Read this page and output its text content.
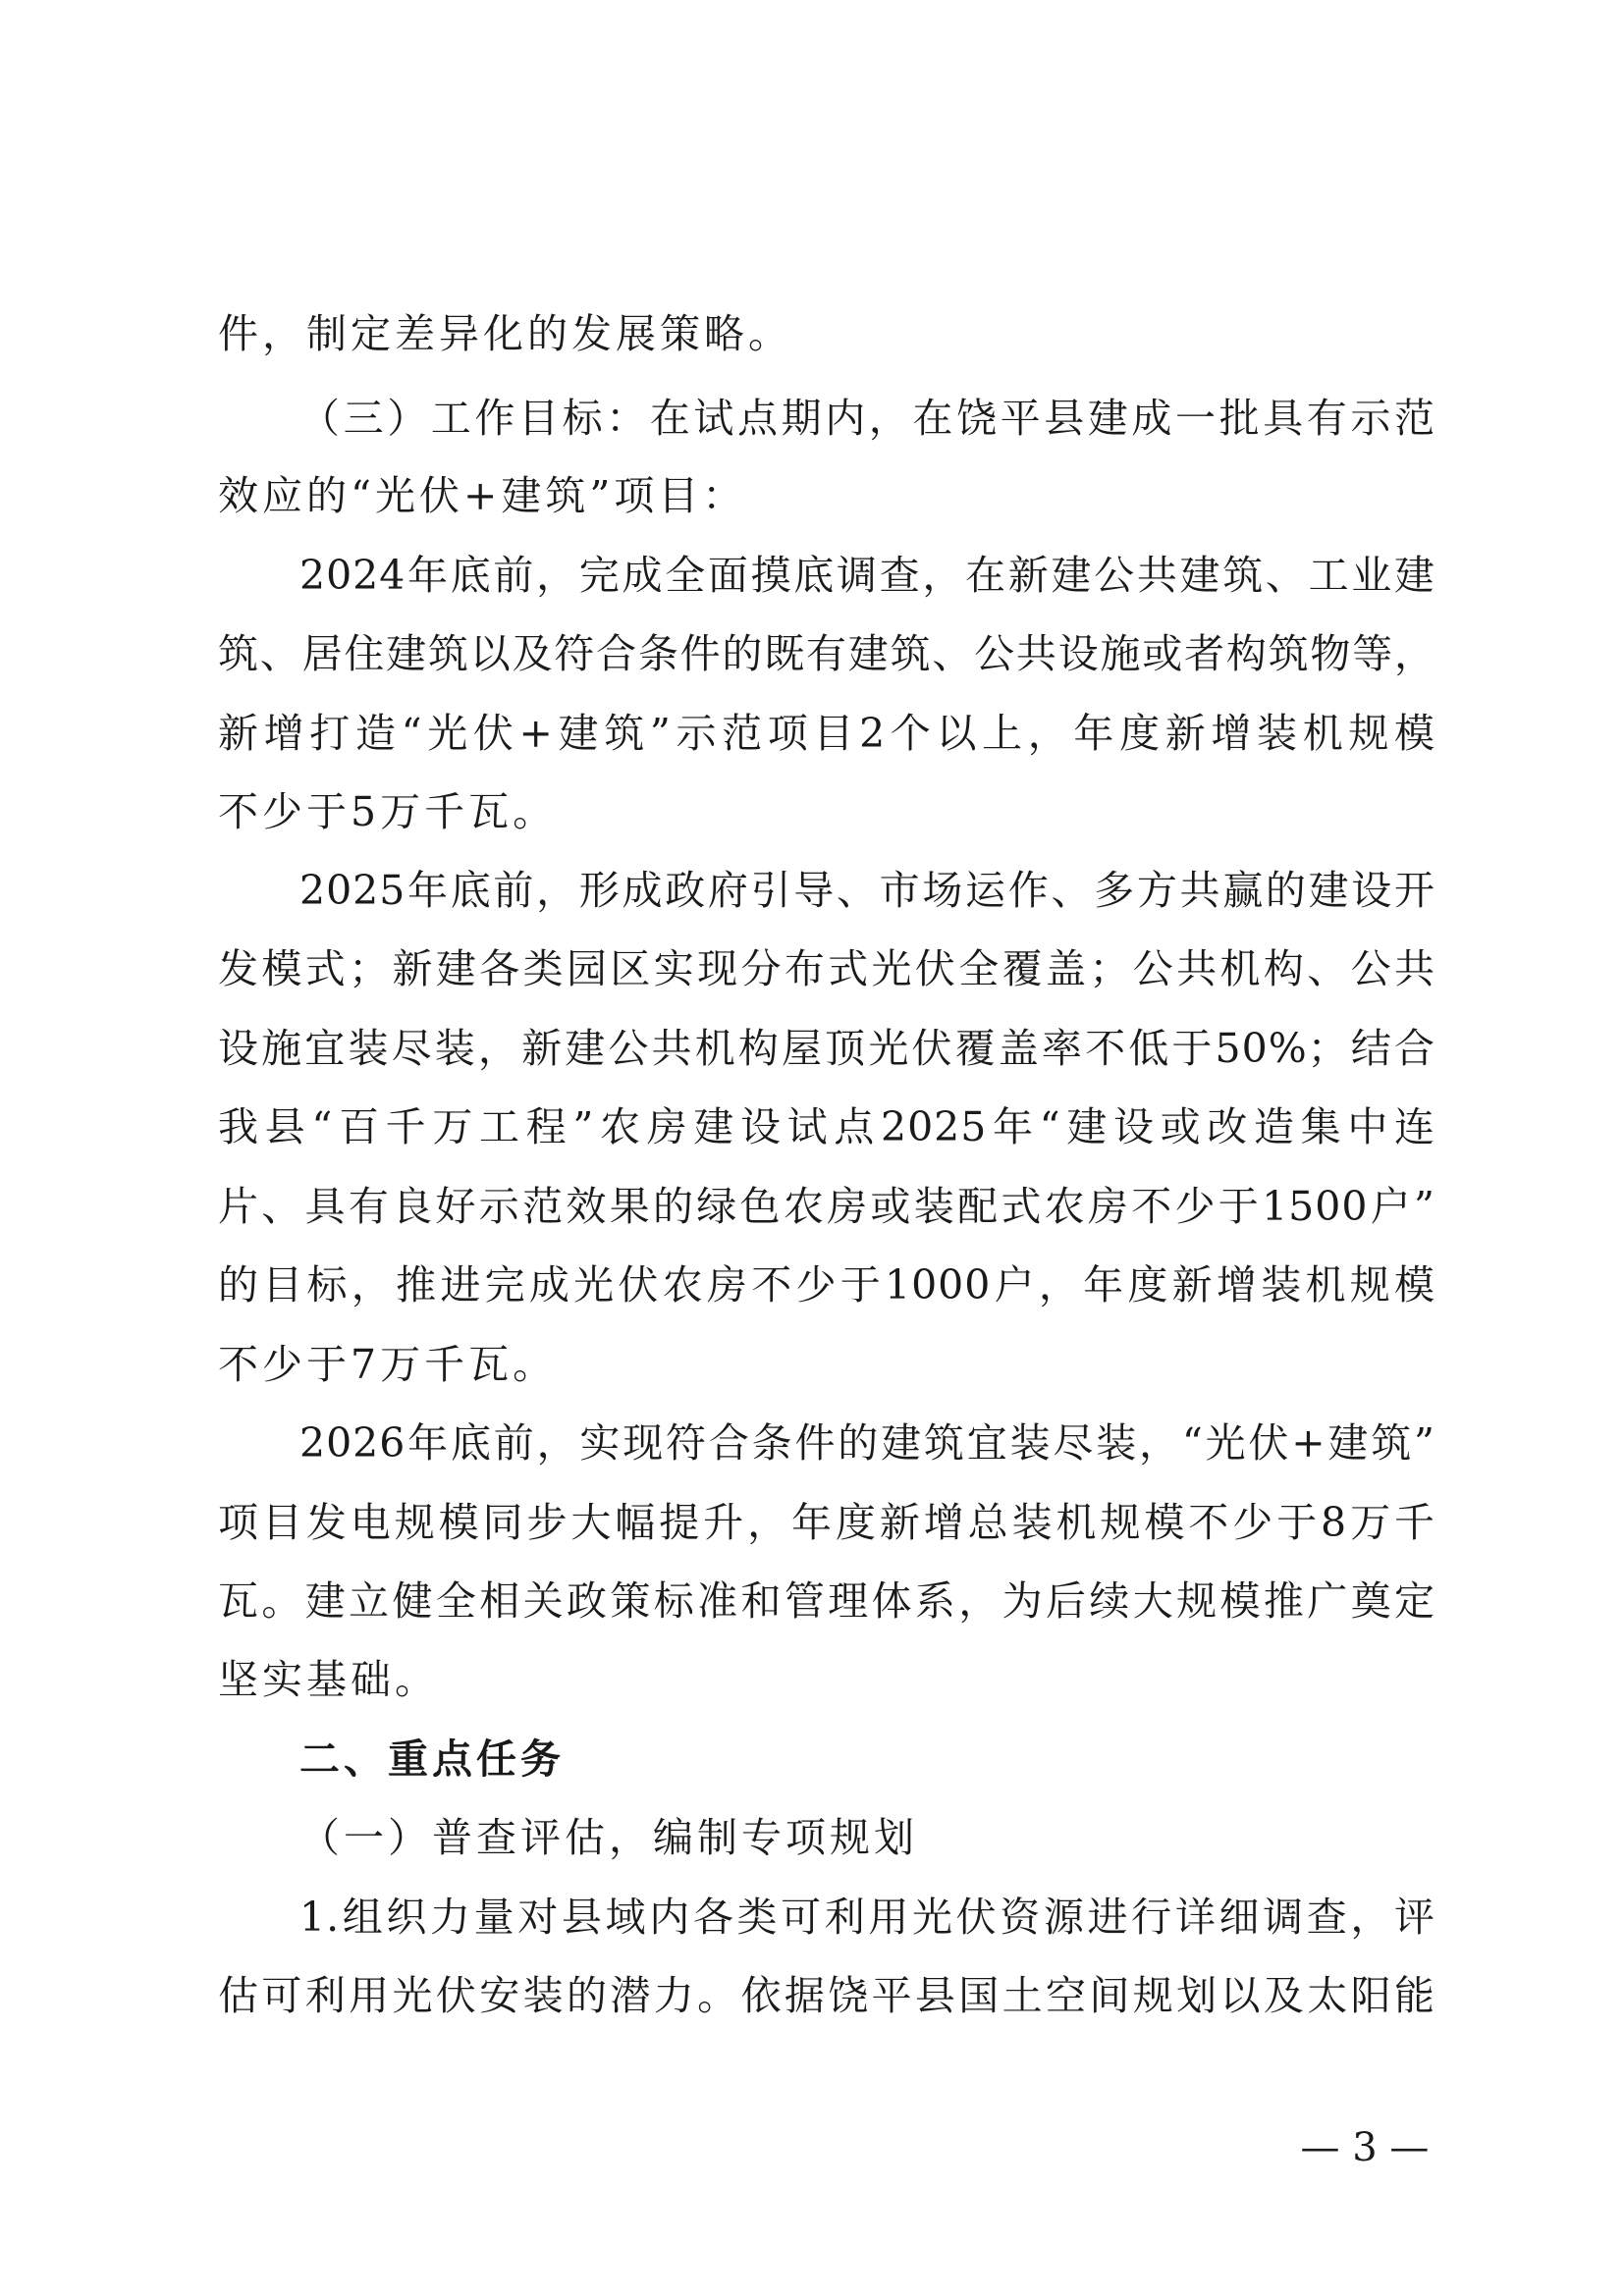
件，制定差异化的发展策略。
（三）工作目标：在试点期内，在饶平县建成一批具有示范
效应的“光伏+建筑”项目：
2024年底前，完成全面摸底调查，在新建公共建筑、工业建
筑、居住建筑以及符合条件的既有建筑、公共设施或者构筑物等，
新增打造“光伏+建筑”示范项目2个以上，年度新增装机规模
不少于5万千瓦。
2025年底前，形成政府引导、市场运作、多方共赢的建设开
发模式；新建各类园区实现分布式光伏全覆盖；公共机构、公共
设施宜装尽装，新建公共机构屋顶光伏覆盖率不低于50%；结合
我县“百千万工程”农房建设试点2025年“建设或改造集中连
片、具有良好示范效果的绿色农房或装配式农房不少于1500户”
的目标，推进完成光伏农房不少于1000户，年度新增装机规模
不少于7万千瓦。
2026年底前，实现符合条件的建筑宜装尽装，“光伏+建筑”
项目发电规模同步大幅提升，年度新增总装机规模不少于8万千
瓦。建立健全相关政策标准和管理体系，为后续大规模推广奠定
坚实基础。
二、重点任务
（一）普查评估，编制专项规划
1.组织力量对县域内各类可利用光伏资源进行详细调查，评
估可利用光伏安装的潜力。依据饶平县国土空间规划以及太阳能
— 3 —
